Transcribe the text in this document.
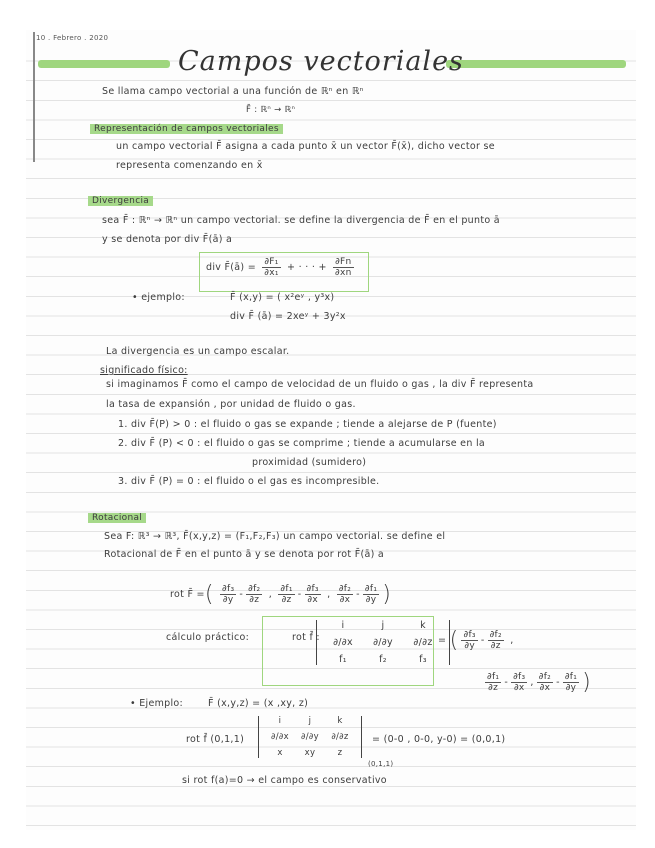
10 . Febrero . 2020
Campos vectoriales
Se llama campo vectorial a una función de ℝⁿ en ℝⁿ
F̄ : ℝⁿ → ℝⁿ
Representación de campos vectoriales
un campo vectorial F̄ asigna a cada punto x̄ un vector F̄(x̄), dicho vector se
representa comenzando en x̄
Divergencia
sea F̄ : ℝⁿ → ℝⁿ un campo vectorial. se define la divergencia de F̄ en el punto ā
y se denota por div F̄(ā) a
div F̄(ā) = $\frac{\text{∂F₁}}{\text{∂x₁}}$ + · · · + $\frac{\partial Fn}{\partial xn}$
• ejemplo:	F̄ (x,y) = ( x²eʸ , y³x)
div F̄ (ā) = 2xeʸ + 3y²x
La divergencia es un campo escalar.
significado físico:
si imaginamos F̄ como el campo de velocidad de un fluido o gas , la div F̄ representa
la tasa de expansión , por unidad de fluido o gas.
1. div F̄(P) > 0 : el fluido o gas se expande ; tiende a alejarse de P (fuente)
2. div F̄ (P) < 0 : el fluido o gas se comprime ; tiende a acumularse en la
proximidad (sumidero)
3. div F̄ (P) = 0 : el fluido o el gas es incompresible.
Rotacional
Sea F: ℝ³ → ℝ³, F̄(x,y,z) = (F₁,F₂,F₃) un campo vectorial. se define el
Rotacional de F̄ en el punto ā y se denota por rot F̄(ā) a
rot F̄ =( $\frac{\text{∂f₃}}{\partial y} - \frac{\text{∂f₂}}{\partial z}$ , $\frac{\text{∂f₁}}{\partial z} - \frac{\text{∂f₃}}{\partial x}$ , $\frac{\text{∂f₂}}{\partial x} - \frac{\text{∂f₁}}{\partial y}$ )
cálculo práctico:	rot f̄ :
i	j	k
∂/∂x	∂/∂y	∂/∂z
f₁	f₂	f₃
= ( $\frac{\text{∂f₃}}{\partial y} - \frac{\text{∂f₂}}{\partial z}$ ,
$\frac{\text{∂f₁}}{\partial z} - \frac{\text{∂f₃}}{\partial x}$ , $\frac{\text{∂f₂}}{\partial x} - \frac{\text{∂f₁}}{\partial y}$ )
• Ejemplo:	F̄ (x,y,z) = (x ,xy, z)
rot f̄ (0,1,1)
i	j	k
∂/∂x	∂/∂y	∂/∂z
x	xy	z
(0,1,1)
= (0-0 , 0-0, y-0) = (0,0,1)
si rot f(a)=0 → el campo es conservativo
